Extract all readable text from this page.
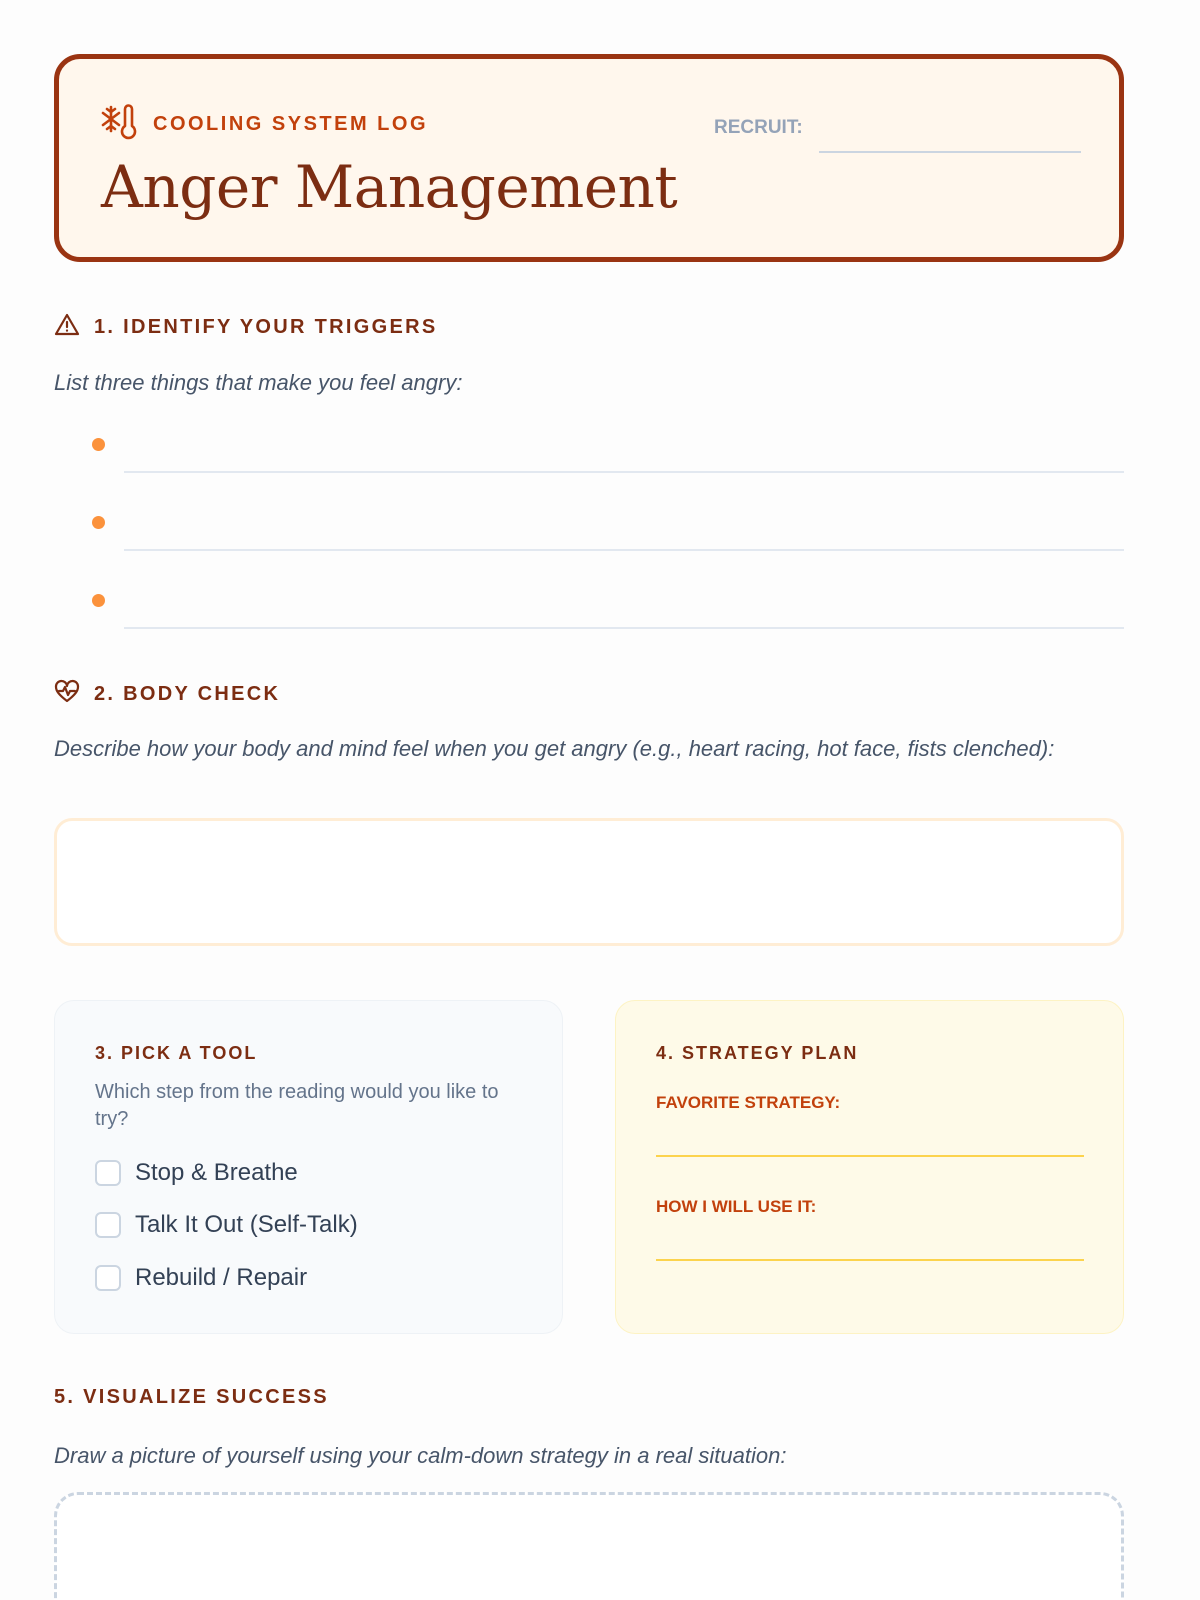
COOLING SYSTEM LOG
Anger Management
RECRUIT:
1. IDENTIFY YOUR TRIGGERS
List three things that make you feel angry:
2. BODY CHECK
Describe how your body and mind feel when you get angry (e.g., heart racing, hot face, fists clenched):
3. PICK A TOOL
Which step from the reading would you like to try?
Stop & Breathe
Talk It Out (Self-Talk)
Rebuild / Repair
4. STRATEGY PLAN
FAVORITE STRATEGY:
HOW I WILL USE IT:
5. VISUALIZE SUCCESS
Draw a picture of yourself using your calm-down strategy in a real situation:
